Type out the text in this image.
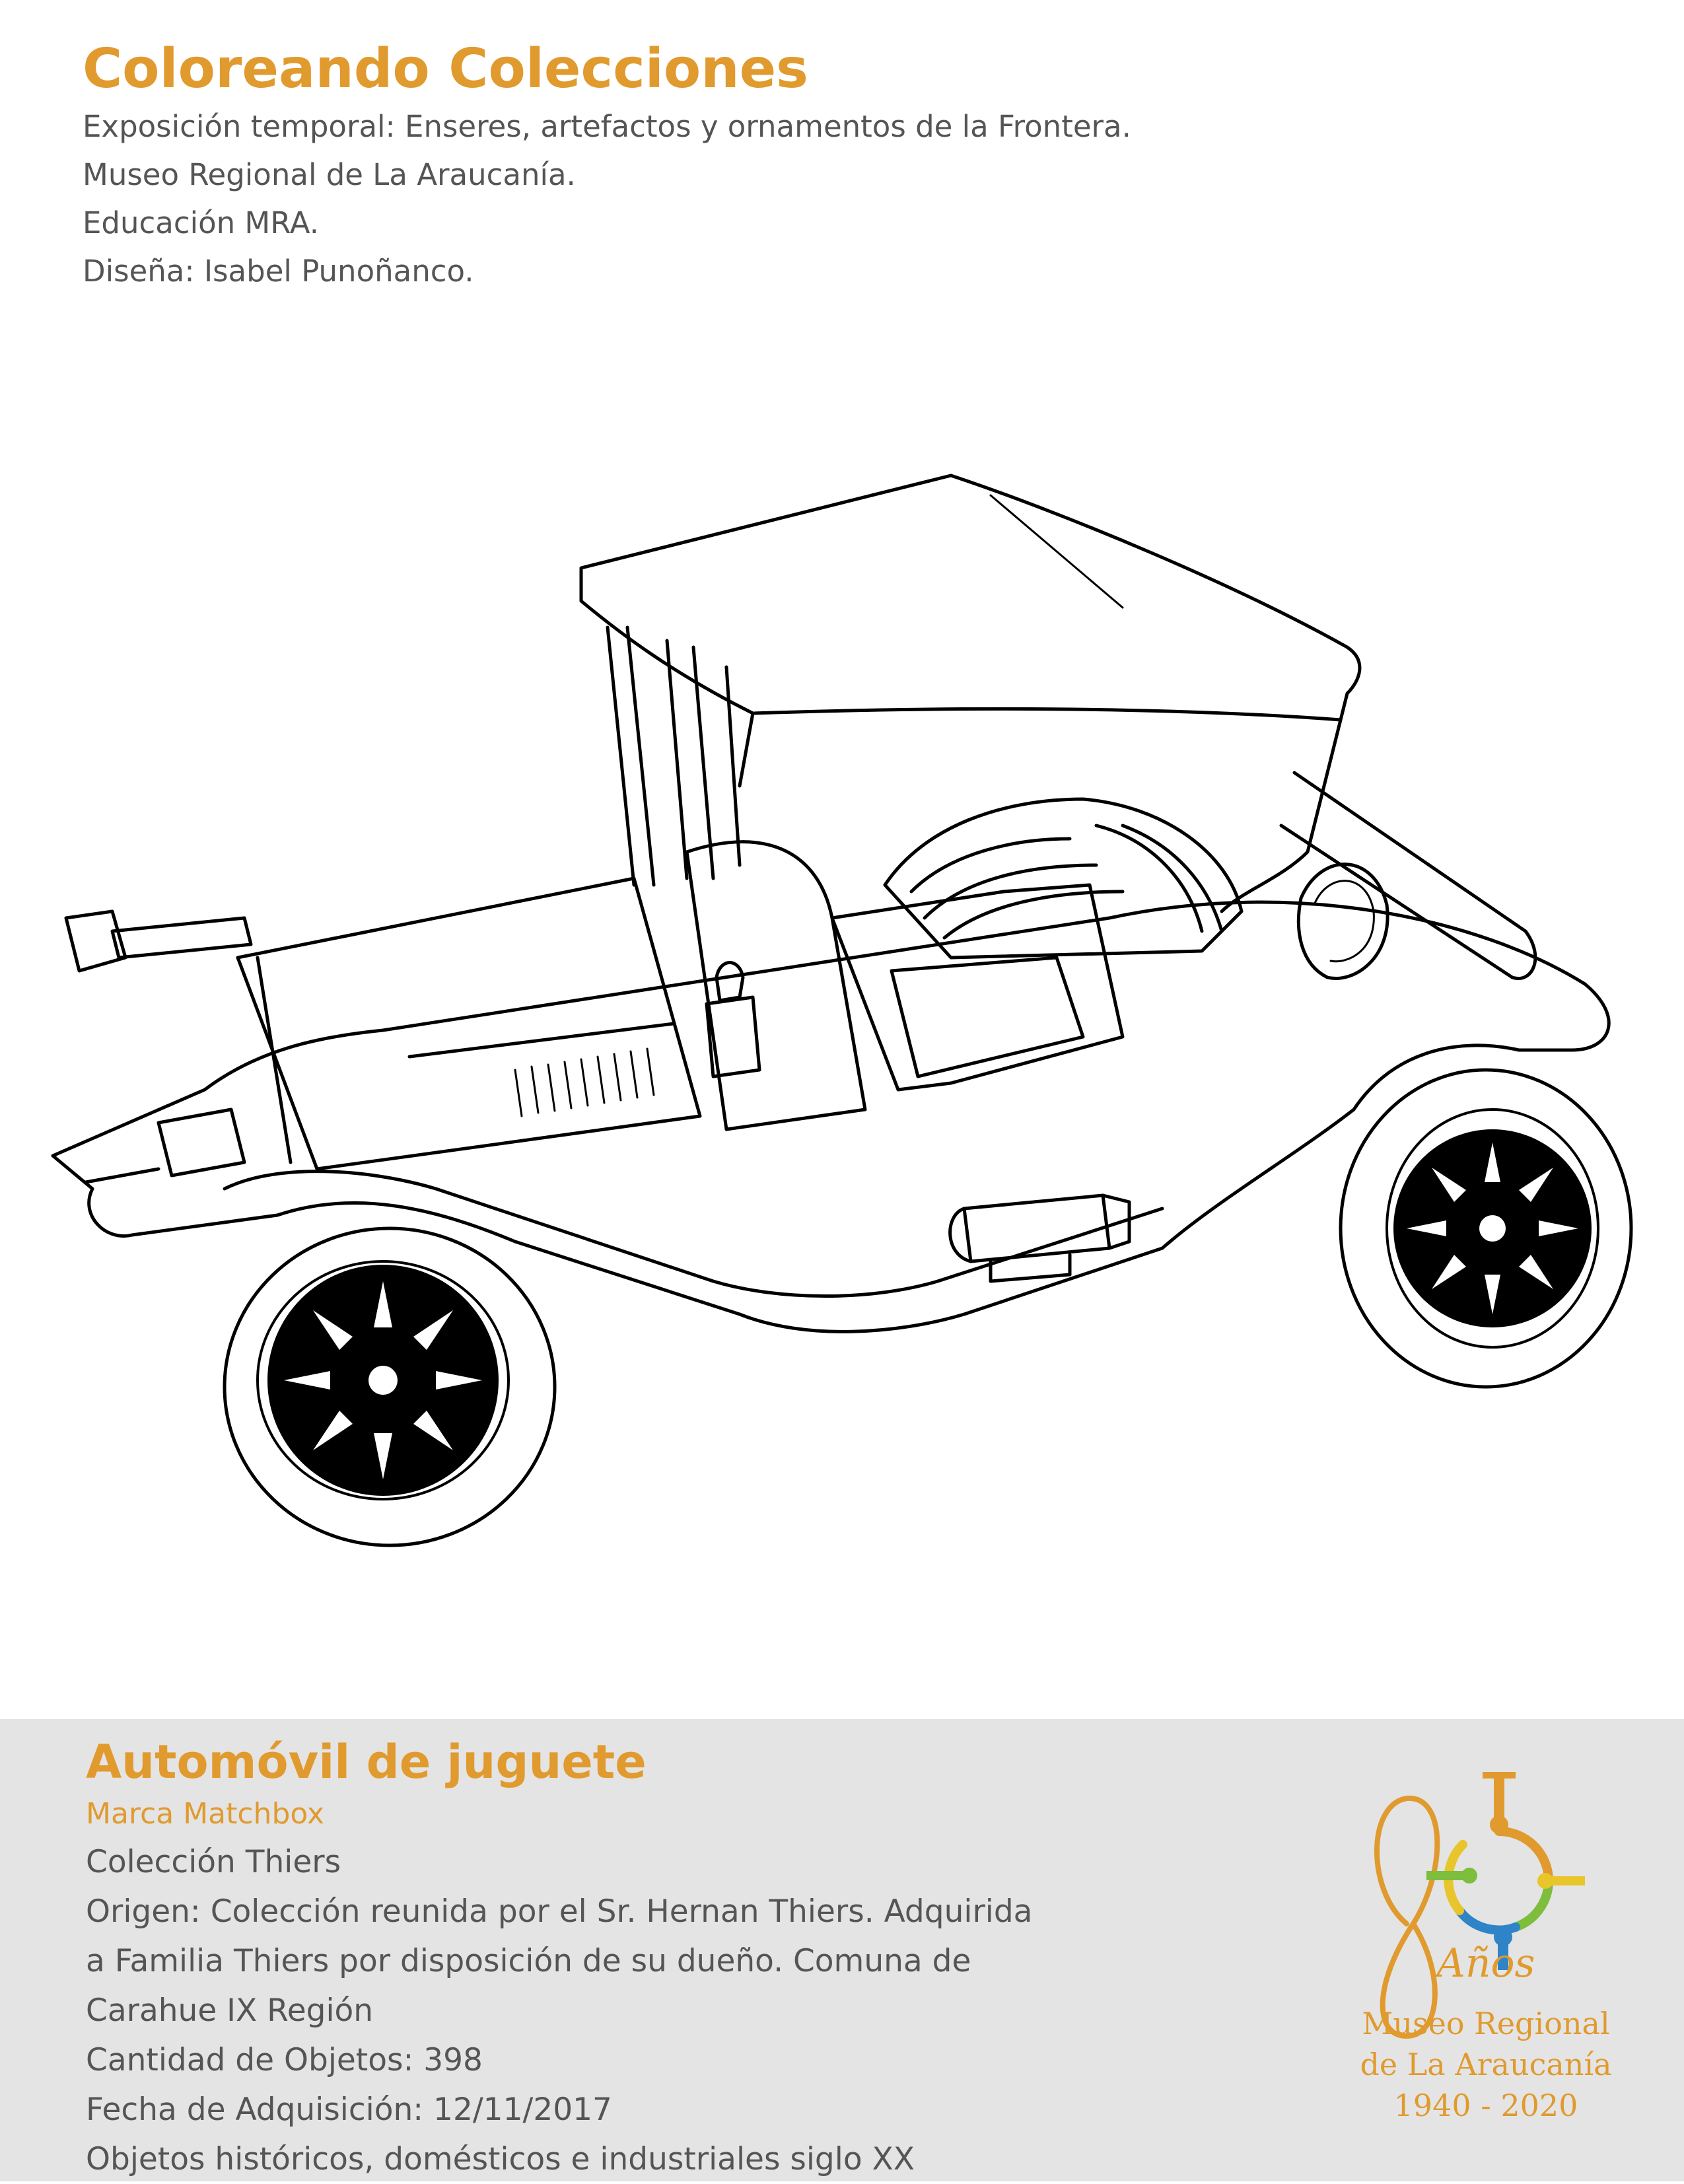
Coloreando Colecciones

Exposición temporal: Enseres, artefactos y ornamentos de la Frontera.

Museo Regional de La Araucanía.

Educación MRA.

Diseña: Isabel Punoñanco.

Automóvil de juguete

Marca Matchbox

Colección Thiers

Origen: Colección reunida por el Sr. Hernan Thiers. Adquirida

a Familia Thiers por disposición de su dueño. Comuna de

Carahue IX Región

Cantidad de Objetos: 398

Fecha de Adquisición: 12/11/2017

Objetos históricos, domésticos e industriales siglo XX

Años
Museo Regional
de La Araucanía
1940 - 2020
